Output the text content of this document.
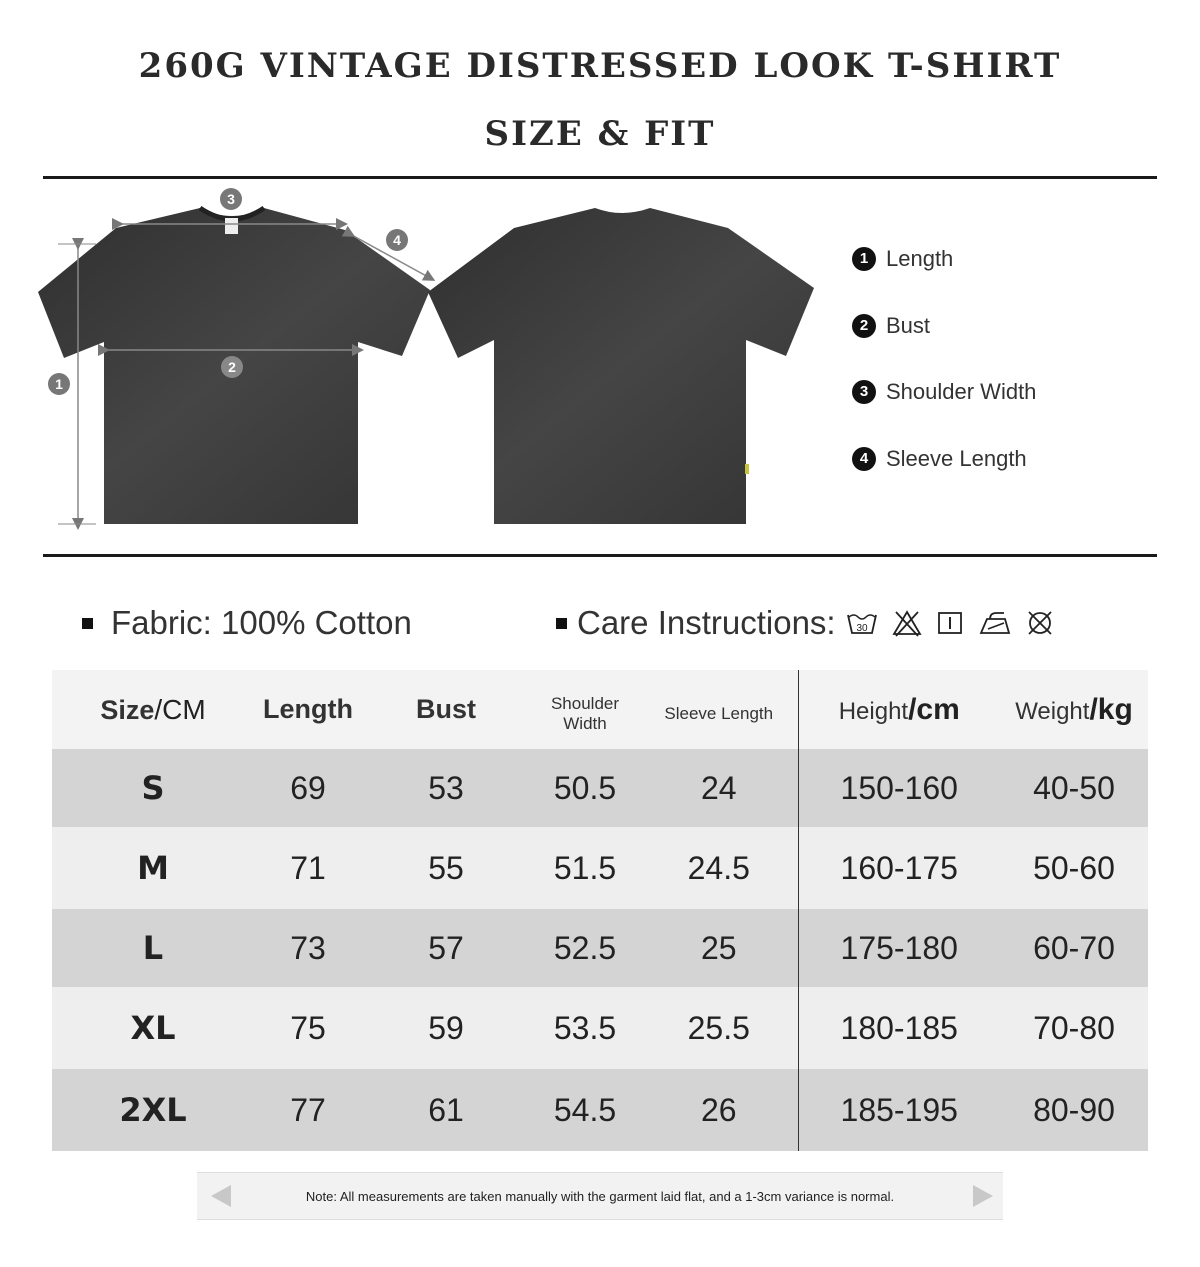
260G VINTAGE DISTRESSED LOOK T-SHIRT
SIZE & FIT
3
4
2
1
1 Length
2 Bust
3 Shoulder Width
4 Sleeve Length
Fabric: 100% Cotton	Care Instructions: 30
Size/CM	Length	Bust	Shoulder Width	Sleeve Length	Height/cm	Weight/kg
S	69	53	50.5	24	150-160	40-50
M	71	55	51.5	24.5	160-175	50-60
L	73	57	52.5	25	175-180	60-70
XL	75	59	53.5	25.5	180-185	70-80
2XL	77	61	54.5	26	185-195	80-90
Note: All measurements are taken manually with the garment laid flat, and a 1-3cm variance is normal.
